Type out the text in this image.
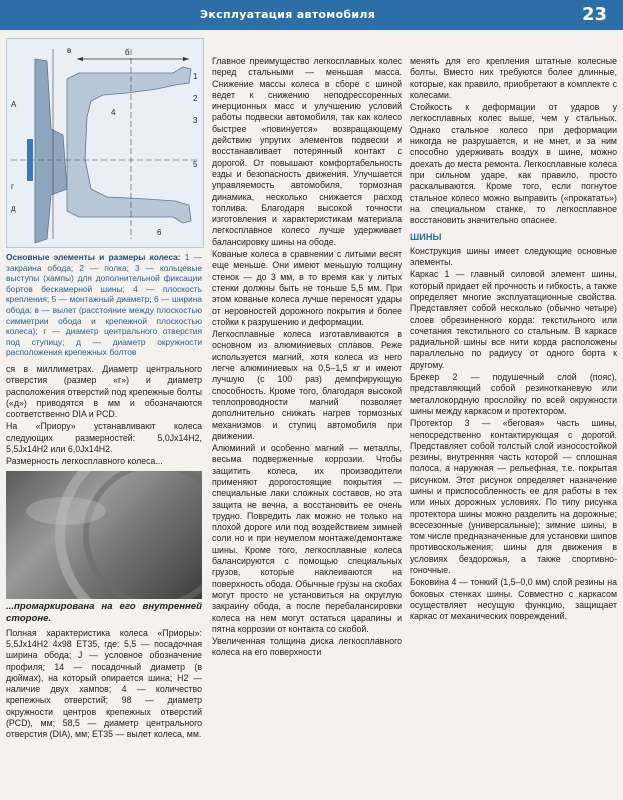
Эксплуатация автомобиля	23
б
А
в
г
д
1
2
3
4
5
6
Основные элементы и размеры колеса: 1 — закраина обода; 2 — полка; 3 — кольцевые выступы (хампы) для дополнительной фиксации бортов бескамерной шины; 4 — плоскость крепления; 5 — монтажный диаметр; 6 — ширина обода; в — вылет (расстояние между плоскостью симметрии обода и крепежной плоскостью колеса); г — диаметр центрального отверстия под ступицу; д — диаметр окружности расположения крепежных болтов

ся в миллиметрах. Диаметр центрального отверстия (размер «г») и диаметр расположения отверстий под крепежные болты («д») приводятся в мм и обозначаются соответственно DIA и PCD.

На «Приору» устанавливают колеса следующих размерностей: 5,0Jx14H2, 5,5Jx14H2 или 6,0Jx14H2.

Размерность легкосплавного колеса...

...промаркирована на его внутренней стороне.

Полная характеристика колеса «Приоры»: 5,5Jx14H2 4x98 ET35, где: 5,5 — посадочная ширина обода; J — условное обозначение профиля; 14 — посадочный диаметр (в дюймах), на который опирается шина; H2 — наличие двух хампов; 4 — количество крепежных отверстий; 98 — диаметр окружности центров крепежных отверстий (PCD), мм; 58,5 — диаметр центрального отверстия (DIA), мм; ET35 — вылет колеса, мм.

Главное преимущество легкосплавных колес перед стальными — меньшая масса. Снижение массы колеса в сборе с шиной ведет к снижению неподрессоренных инерционных масс и улучшению условий работы подвески автомобиля, так как колесо быстрее «повинуется» возвращающему действию упругих элементов подвески и восстанавливает потерянный контакт с дорогой. От повышают комфортабельность езды и безопасность движения. Улучшается управляемость автомобиля, тормозная динамика, несколько снижается расход топлива. Благодаря высокой точности изготовления и характеристикам материала легкосплавное колесо лучше удерживает балансировку шины на ободе.

Кованые колеса в сравнении с литыми весят еще меньше. Они имеют меньшую толщину стенок — до 3 мм, в то время как у литых стенки должны быть не тоньше 5,5 мм. При этом кованые колеса лучше переносят удары от неровностей дорожного покрытия и более стойки к разрушению и деформации.

Легкосплавные колеса изготавливаются в основном из алюминиевых сплавов. Реже используется магний, хотя колеса из него легче алюминиевых на 0,5–1,5 кг и имеют лучшую (с 100 раз) демпфирующую способность. Кроме того, благодаря высокой теплопроводности магний позволяет дополнительно снижать нагрев тормозных механизмов и ступиц автомобиля при движении.

Алюминий и особенно магний — металлы, весьма подверженные коррозии. Чтобы защитить колеса, их производители применяют дорогостоящие покрытия — специальные лаки сложных составов, но эта защита не вечна, а восстановить ее очень трудно. Повредить лак можно не только на плохой дороге или под воздействием зимней соли но и при неумелом монтаже/демонтаже шины. Кроме того, легкосплавные колеса балансируются с помощью специальных грузов, которые наклеиваются на поверхность обода. Обычные грузы на скобах могут просто не установиться на округлую закраину обода, а после перебалансировки колеса на нем могут остаться царапины и пятна коррозии от контакта со скобой.

Увеличенная толщина диска легкосплавного колеса на его поверхности

менять для его крепления штатные колесные болты. Вместо них требуются более длинные, которые, как правило, приобретают в комплекте с колесами.

Стойкость к деформации от ударов у легкосплавных колес выше, чем у стальных. Однако стальное колесо при деформации никогда не разрушается, и не мнет, и за ним способно удерживать воздух в шине, можно доехать до места ремонта. Легкосплавные колеса при сильном ударе, как правило, просто раскалываются. Кроме того, если погнутое стальное колесо можно выправить («прокатать») на специальном станке, то легкосплавное восстановить значительно опаснее.

ШИНЫ

Конструкция шины имеет следующие основные элементы.

Каркас 1 — главный силовой элемент шины, который придает ей прочность и гибкость, а также определяет многие эксплуатационные свойства. Представляет собой несколько (обычно четыре) слоев обрезиненного корда: текстильного или сочетания текстильного со стальным. В каркасе радиальной шины все нити корда расположены параллельно по радиусу от одного борта к другому.

Брекер 2 — подушечный слой (пояс), представляющий собой резинотканевую или металлокордную прослойку по всей окружности шины между каркасом и протектором.

Протектор 3 — «беговая» часть шины, непосредственно контактирующая с дорогой. Представляет собой толстый слой износостойкой резины, внутренняя часть которой — сплошная полоса, а наружная — рельефная, т.е. покрытая рисунком. Этот рисунок определяет назначение шины и приспособленность ее для работы в тех или иных дорожных условиях. По типу рисунка протектора шины можно разделить на дорожные; всесезонные (универсальные); зимние шины, в том числе предназначенные для установки шипов противоскольжения; шины для движения в условиях бездорожья, а также спортивно-гоночные.

Боковина 4 — тонкий (1,5–0,0 мм) слой резины на боковых стенках шины. Совместно с каркасом осуществляет несущую функцию, защищает каркас от механических повреждений,
